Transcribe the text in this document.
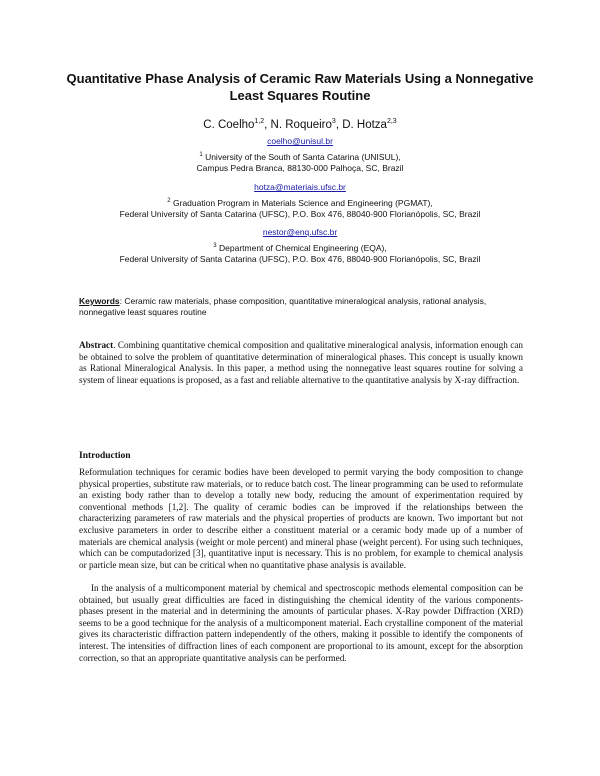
Quantitative Phase Analysis of Ceramic Raw Materials Using a Nonnegative Least Squares Routine
C. Coelho$^{1,2}$, N. Roqueiro$^3$, D. Hotza$^{2,3}$
coelho@unisul.br
$^1$ University of the South of Santa Catarina (UNISUL),
Campus Pedra Branca, 88130-000 Palhoça, SC, Brazil
hotza@materiais.ufsc.br
$^2$ Graduation Program in Materials Science and Engineering (PGMAT),
Federal University of Santa Catarina (UFSC), P.O. Box 476, 88040-900 Florianópolis, SC, Brazil
nestor@enq.ufsc.br
$^3$ Department of Chemical Engineering (EQA),
Federal University of Santa Catarina (UFSC), P.O. Box 476, 88040-900 Florianópolis, SC, Brazil
Keywords: Ceramic raw materials, phase composition, quantitative mineralogical analysis, rational analysis, nonnegative least squares routine

Abstract. Combining quantitative chemical composition and qualitative mineralogical analysis, information enough can be obtained to solve the problem of quantitative determination of mineralogical phases. This concept is usually known as Rational Mineralogical Analysis. In this paper, a method using the nonnegative least squares routine for solving a system of linear equations is proposed, as a fast and reliable alternative to the quantitative analysis by X-ray diffraction.

Introduction

Reformulation techniques for ceramic bodies have been developed to permit varying the body composition to change physical properties, substitute raw materials, or to reduce batch cost. The linear programming can be used to reformulate an existing body rather than to develop a totally new body, reducing the amount of experimentation required by conventional methods [1,2]. The quality of ceramic bodies can be improved if the relationships between the characterizing parameters of raw materials and the physical properties of products are known. Two important but not exclusive parameters in order to describe either a constituent material or a ceramic body made up of a number of materials are chemical analysis (weight or mole percent) and mineral phase (weight percent). For using such techniques, which can be computadorized [3], quantitative input is necessary. This is no problem, for example to chemical analysis or particle mean size, but can be critical when no quantitative phase analysis is available.

In the analysis of a multicomponent material by chemical and spectroscopic methods elemental composition can be obtained, but usually great difficulties are faced in distinguishing the chemical identity of the various components-phases present in the material and in determining the amounts of particular phases. X-Ray powder Diffraction (XRD) seems to be a good technique for the analysis of a multicomponent material. Each crystalline component of the material gives its characteristic diffraction pattern independently of the others, making it possible to identify the components of interest. The intensities of diffraction lines of each component are proportional to its amount, except for the absorption correction, so that an appropriate quantitative analysis can be performed.
